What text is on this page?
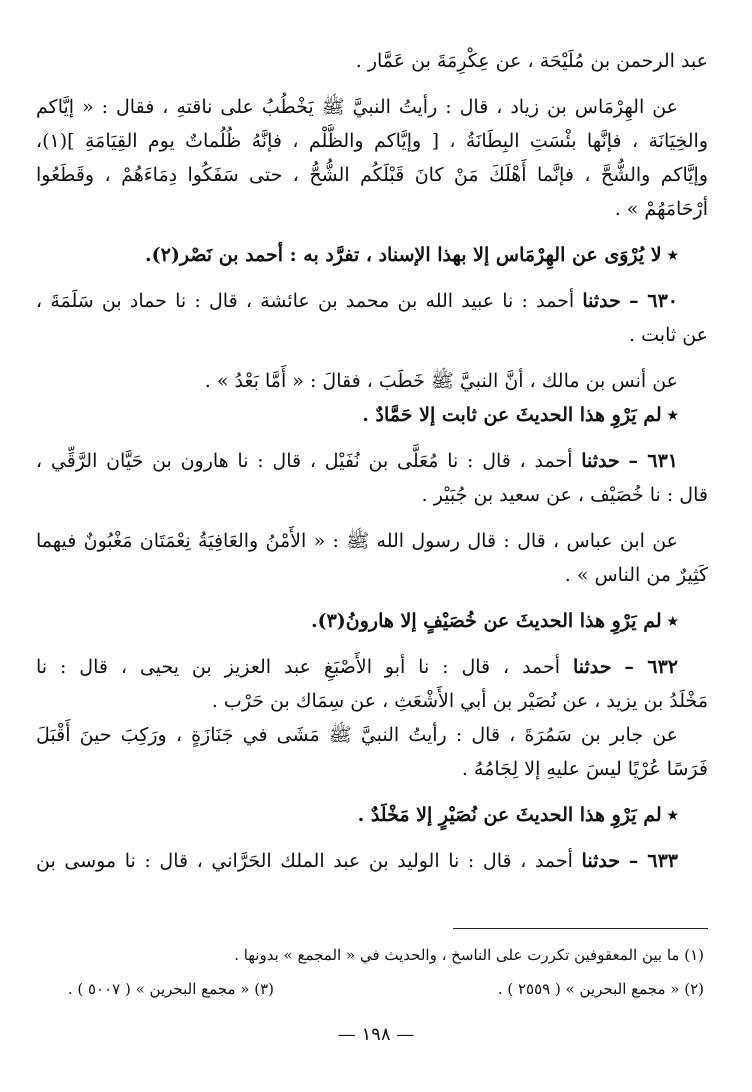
عبد الرحمن بن مُلَيْحَة ، عن عِكْرِمَةَ بن عَمَّار .

عن الهِرْمَاس بن زياد ، قال : رأيتُ النبيَّ ﷺ يَخْطُبُ على ناقتهِ ، فقال : « إيَّاكم

والخِيَانَة ، فإنَّها بئْسَتِ البِطَانَةُ ، [ وإيَّاكم والظُّلْم ، فإنَّهُ ظُلُماتٌ يوم القِيَامَةِ ](١)،

وإيَّاكم والشُّحَّ ، فإنَّما أَهْلَكَ مَنْ كانَ قَبْلَكُم الشُّحُّ ، حتى سَفَكُوا دِمَاءَهُمْ ، وقَطَعُوا

أرْحَامَهُمْ » .

٭لا يُرْوَى عن الهِرْمَاس إلا بهذا الإسناد ، تفرَّد به : أحمد بن نَصْر(٢).

٦٣٠ – حدثنا أحمد : نا عبيد الله بن محمد بن عائشة ، قال : نا حماد بن سَلَمَةَ ،

عن ثابت .

عن أنس بن مالك ، أنَّ النبيَّ ﷺ خَطَبَ ، فقالَ : « أَمَّا بَعْدُ » .

٭لم يَرْوِ هذا الحديثَ عن ثابت إلا حَمَّادٌ .

٦٣١ – حدثنا أحمد ، قال : نا مُعَلَّى بن نُفَيْل ، قال : نا هارون بن حَيَّان الرَّقِّي ،

قال : نا خُصَيْف ، عن سعيد بن جُبَيْر .

عن ابن عباس ، قال : قال رسول الله ﷺ : « الأَمْنُ والعَافِيَةُ نِعْمَتَان مَغْبُونٌ فيهما

كَثِيرٌ من الناس » .

٭لم يَرْوِ هذا الحديثَ عن خُصَيْفٍ إلا هارونُ(٣).

٦٣٢ – حدثنا أحمد ، قال : نا أبو الأَصْبَغِ عبد العزيز بن يحيى ، قال : نا

مَخْلَدُ بن يزيد ، عن نُصَيْر بن أبي الأَشْعَثِ ، عن سِمَاك بن حَرْب .

عن جابر بن سَمُرَةَ ، قال : رأيتُ النبيَّ ﷺ مَشَى في جَنَازَةٍ ، ورَكِبَ حينَ أَقْبَلَ

فَرَسًا عُرْيًا ليسَ عليهِ إلا لِجَامُهُ .

٭لم يَرْوِ هذا الحديثَ عن نُصَيْرٍ إلا مَخْلَدٌ .

٦٣٣ – حدثنا أحمد ، قال : نا الوليد بن عبد الملك الحَرَّاني ، قال : نا موسى بن

(١) ما بين المعقوفين تكررت على الناسخ ، والحديث في « المجمع » بدونها .
(٢) « مجمع البحرين » ( ٢٥٥٩ ) .
(٣) « مجمع البحرين » ( ٥٠٠٧ ) .
— ١٩٨ —
